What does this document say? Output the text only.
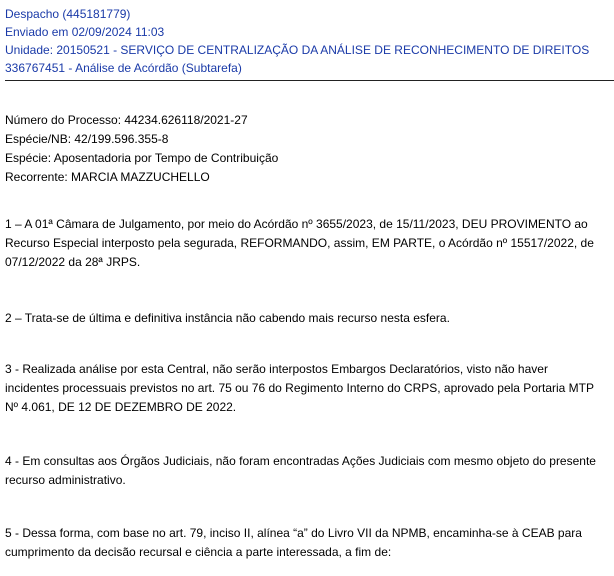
Despacho (445181779)
Enviado em 02/09/2024 11:03
Unidade: 20150521 - SERVIÇO DE CENTRALIZAÇÃO DA ANÁLISE DE RECONHECIMENTO DE DIREITOS
336767451 - Análise de Acórdão (Subtarefa)
Número do Processo: 44234.626118/2021-27
Espécie/NB: 42/199.596.355-8
Espécie: Aposentadoria por Tempo de Contribuição
Recorrente: MARCIA MAZZUCHELLO
1 – A 01ª Câmara de Julgamento, por meio do Acórdão nº 3655/2023, de 15/11/2023, DEU PROVIMENTO ao Recurso Especial interposto pela segurada, REFORMANDO, assim, EM PARTE, o Acórdão nº 15517/2022, de 07/12/2022 da 28ª JRPS.
2 – Trata-se de última e definitiva instância não cabendo mais recurso nesta esfera.
3 - Realizada análise por esta Central, não serão interpostos Embargos Declaratórios, visto não haver incidentes processuais previstos no art. 75 ou 76 do Regimento Interno do CRPS, aprovado pela Portaria MTP Nº 4.061, DE 12 DE DEZEMBRO DE 2022.
4 - Em consultas aos Órgãos Judiciais, não foram encontradas Ações Judiciais com mesmo objeto do presente recurso administrativo.
5 - Dessa forma, com base no art. 79, inciso II, alínea “a” do Livro VII da NPMB, encaminha-se à CEAB para cumprimento da decisão recursal e ciência a parte interessada, a fim de:
